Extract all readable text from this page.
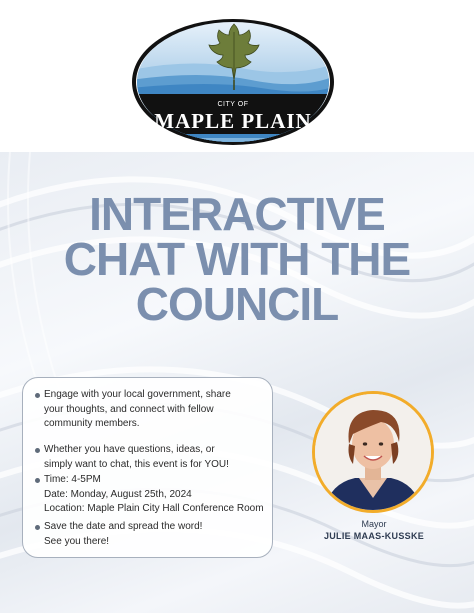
CITY OF
MAPLE PLAIN
INTERACTIVE
CHAT WITH THE
COUNCIL
Engage with your local government, share
your thoughts, and connect with fellow
community members.
Whether you have questions, ideas, or
simply want to chat, this event is for YOU!
Time: 4-5PM
Date: Monday, August 25th, 2024
Location: Maple Plain City Hall Conference Room
Save the date and spread the word!
See you there!
Mayor
JULIE MAAS-KUSSKE
